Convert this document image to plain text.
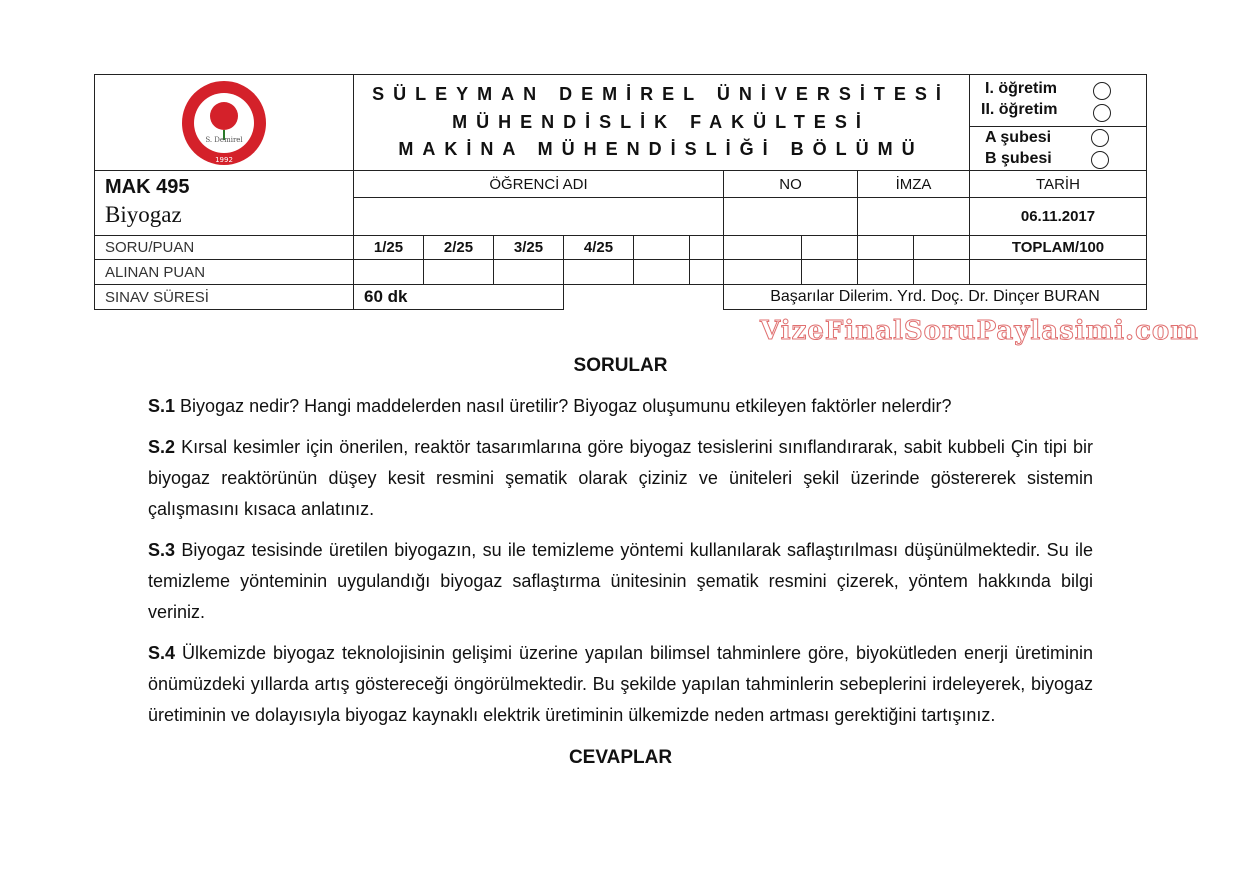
S. Demirel
1992
SÜLEYMAN DEMİREL ÜNİVERSİTESİ
MÜHENDİSLİK FAKÜLTESİ
MAKİNA MÜHENDİSLİĞİ BÖLÜMÜ
I. öğretim
II. öğretim
A şubesi
B şubesi
MAK 495
Biyogaz
ÖĞRENCİ ADI	NO	İMZA	TARİH
06.11.2017
SORU/PUAN	1/25	2/25	3/25	4/25	TOPLAM/100
ALINAN PUAN
SINAV SÜRESİ	60 dk	Başarılar Dilerim. Yrd. Doç. Dr. Dinçer BURAN
VizeFinalSoruPaylasimi.com
SORULAR

S.1 Biyogaz nedir? Hangi maddelerden nasıl üretilir? Biyogaz oluşumunu etkileyen faktörler nelerdir?

S.2 Kırsal kesimler için önerilen, reaktör tasarımlarına göre biyogaz tesislerini sınıflandırarak, sabit kubbeli Çin tipi bir biyogaz reaktörünün düşey kesit resmini şematik olarak çiziniz ve üniteleri şekil üzerinde göstererek sistemin çalışmasını kısaca anlatınız.

S.3 Biyogaz tesisinde üretilen biyogazın, su ile temizleme yöntemi kullanılarak saflaştırılması düşünülmektedir. Su ile temizleme yönteminin uygulandığı biyogaz saflaştırma ünitesinin şematik resmini çizerek, yöntem hakkında bilgi veriniz.

S.4 Ülkemizde biyogaz teknolojisinin gelişimi üzerine yapılan bilimsel tahminlere göre, biyokütleden enerji üretiminin önümüzdeki yıllarda artış göstereceği öngörülmektedir. Bu şekilde yapılan tahminlerin sebeplerini irdeleyerek, biyogaz üretiminin ve dolayısıyla biyogaz kaynaklı elektrik üretiminin ülkemizde neden artması gerektiğini tartışınız.

CEVAPLAR
